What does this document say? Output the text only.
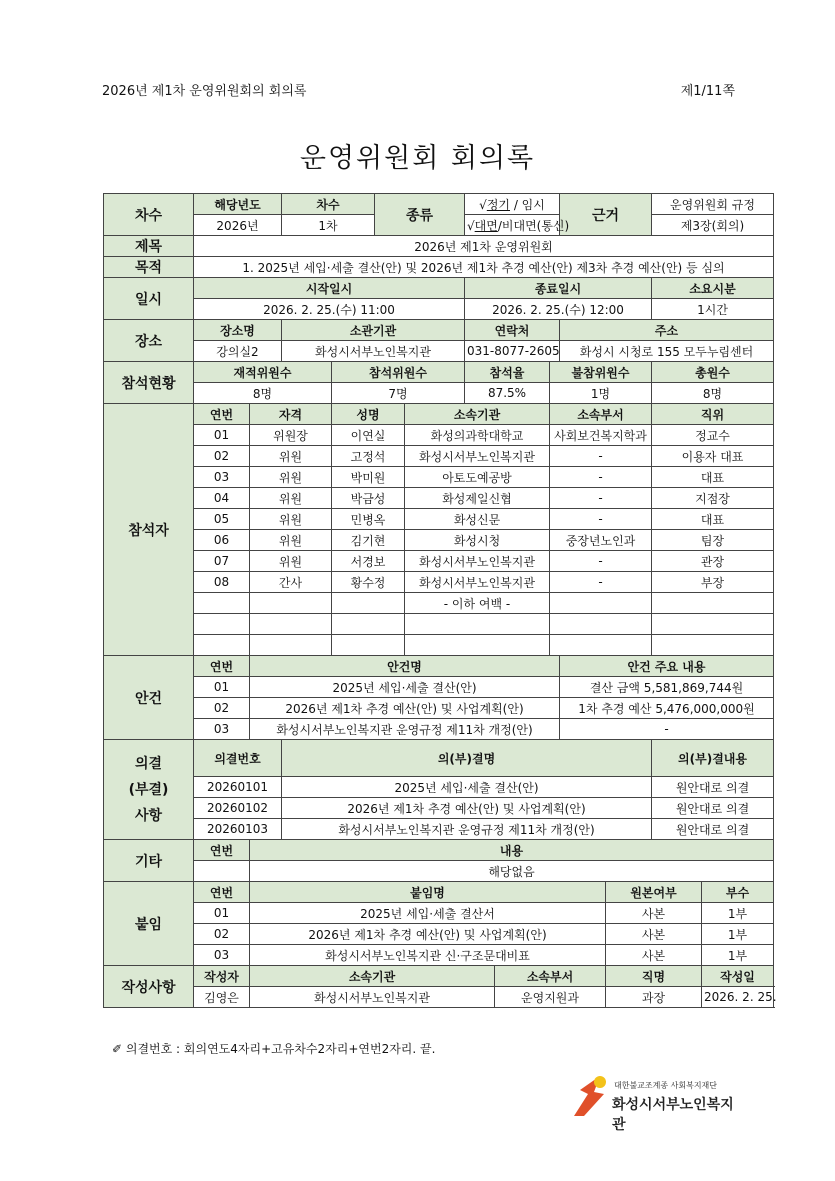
2026년 제1차 운영위원회의 회의록	제1/11쪽
운영위원회 회의록
차수	해당년도		차수		종류		√정기 / 임시			근거		운영위원회 규정	
	2026년		1차				√대면/비대면(통신)					제3장(회의)	
제목	2026년 제1차 운영위원회												
목적	1. 2025년 세입·세출 결산(안) 및 2026년 제1차 추경 예산(안) 제3차 추경 예산(안) 등 심의												
일시	시작일시						종료일시					소요시분	
	2026. 2. 25.(수) 11:00						2026. 2. 25.(수) 12:00					1시간	
장소	장소명		소관기관				연락처			주소			
	강의실2		화성시서부노인복지관				031-8077-2605			화성시 시청로 155 모두누림센터			
참석현황	재적위원수			참석위원수			참석율		불참위원수			총원수	
	8명			7명			87.5%		1명			8명	
참석자	연번	자격		성명		소속기관			소속부서			직위	
	01	위원장		이연실		화성의과학대학교			사회보건복지학과			정교수	
	02	위원		고정석		화성시서부노인복지관			-			이용자 대표	
	03	위원		박미원		아토도예공방			-			대표	
	04	위원		박금성		화성제일신협			-			지점장	
	05	위원		민병옥		화성신문			-			대표	
	06	위원		김기현		화성시청			중장년노인과			팀장	
	07	위원		서경보		화성시서부노인복지관			-			관장	
	08	간사		황수정		화성시서부노인복지관			-			부장	
						- 이하 여백 -							

안건	연번	안건명								안건 주요 내용			
	01	2025년 세입·세출 결산(안)								결산 금액 5,581,869,744원			
	02	2026년 제1차 추경 예산(안) 및 사업계획(안)								1차 추경 예산 5,476,000,000원			
	03	화성시서부노인복지관 운영규정 제11차 개정(안)								-			

의결
(부결)
사항	의결번호		의(부)결명									의(부)결내용	
	20260101		2025년 세입·세출 결산(안)									원안대로 의결	
	20260102		2026년 제1차 추경 예산(안) 및 사업계획(안)									원안대로 의결	
	20260103		화성시서부노인복지관 운영규정 제11차 개정(안)									원안대로 의결	
기타	연번	내용											
		해당없음											
붙임	연번	붙임명									원본여부		부수
	01	2025년 세입·세출 결산서									사본		1부
	02	2026년 제1차 추경 예산(안) 및 사업계획(안)									사본		1부
	03	화성시서부노인복지관 신·구조문대비표									사본		1부
작성사항	작성자	소속기관						소속부서			직명		작성일
	김영은	화성시서부노인복지관						운영지원과			과장		2026. 2. 25.
✐ 의결번호 : 회의연도4자리+고유차수2자리+연번2자리. 끝.
대한불교조계종 사회복지재단
화성시서부노인복지관
